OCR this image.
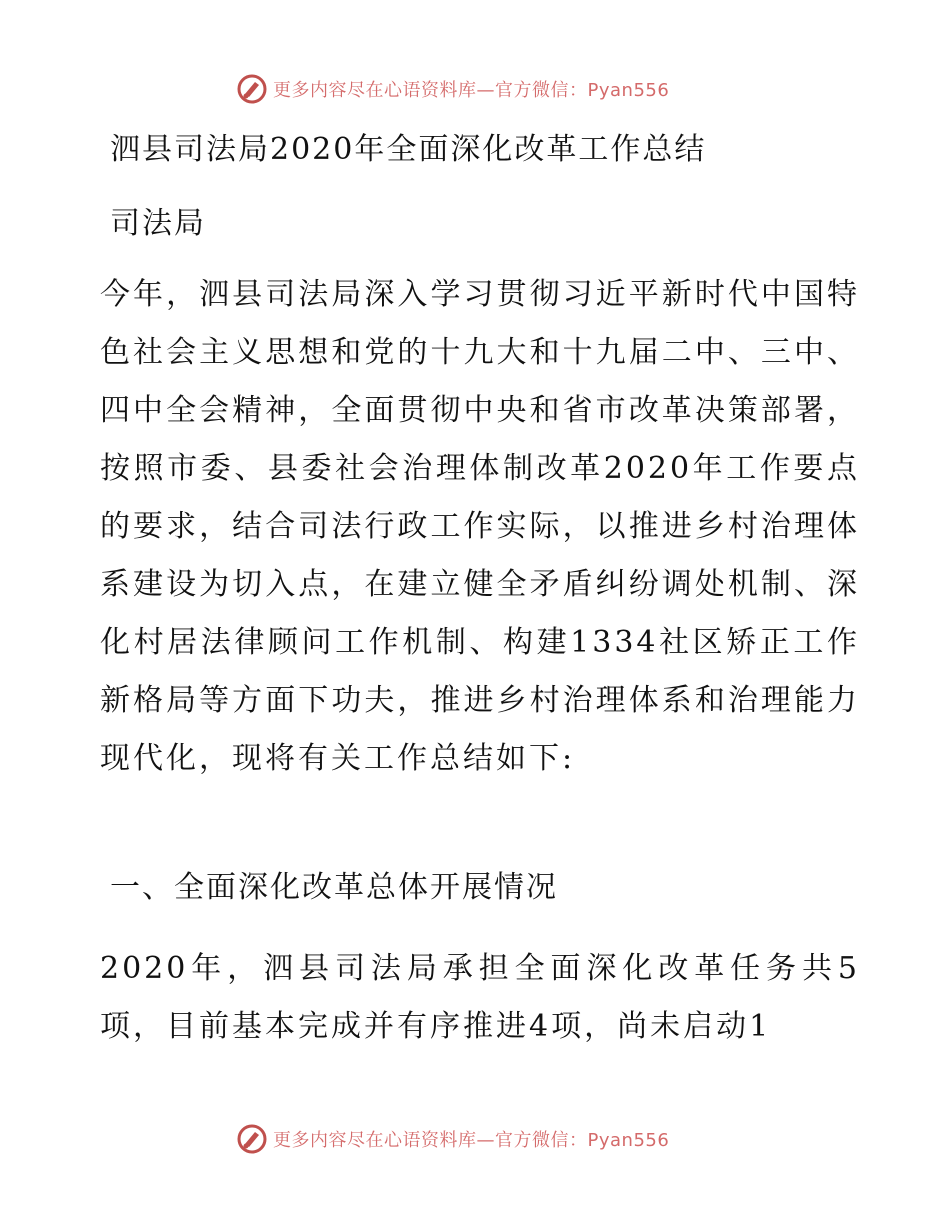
更多内容尽在心语资料库—官方微信：Pyan556
泗县司法局2020年全面深化改革工作总结
司法局

今年，泗县司法局深入学习贯彻习近平新时代中国特色社会主义思想和党的十九大和十九届二中、三中、四中全会精神，全面贯彻中央和省市改革决策部署，按照市委、县委社会治理体制改革2020年工作要点的要求，结合司法行政工作实际，以推进乡村治理体系建设为切入点，在建立健全矛盾纠纷调处机制、深化村居法律顾问工作机制、构建1334社区矫正工作新格局等方面下功夫，推进乡村治理体系和治理能力现代化，现将有关工作总结如下:

一、全面深化改革总体开展情况

2020年，泗县司法局承担全面深化改革任务共5项，目前基本完成并有序推进4项，尚未启动1

更多内容尽在心语资料库—官方微信：Pyan556
